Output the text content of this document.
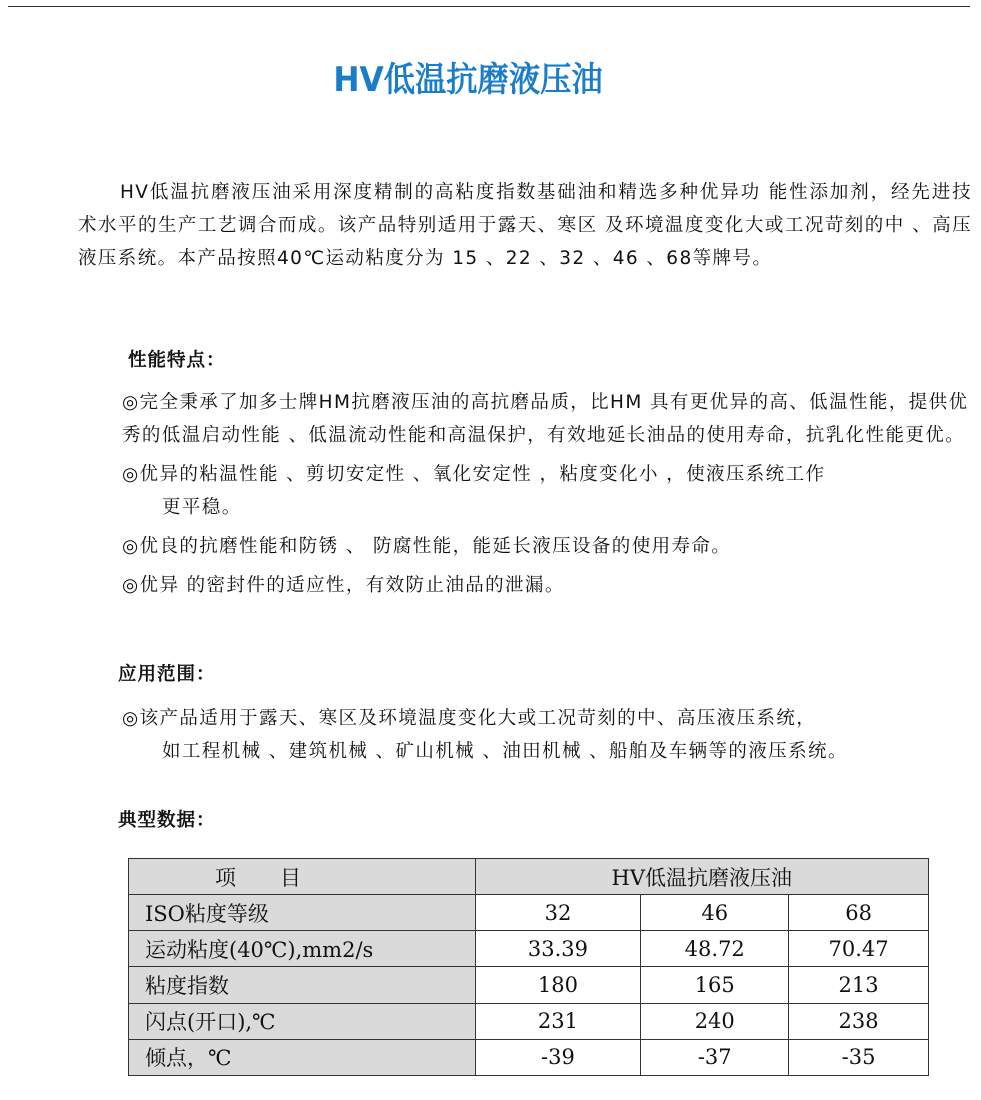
HV低温抗磨液压油

HV低温抗磨液压油采用深度精制的高粘度指数基础油和精选多种优异功 能性添加剂，经先进技术水平的生产工艺调合而成。该产品特别适用于露天、寒区 及环境温度变化大或工况苛刻的中 、高压液压系统。本产品按照40℃运动粘度分为 15 、22 、32 、46 、68等牌号。

性能特点：

◎完全秉承了加多士牌HM抗磨液压油的高抗磨品质，比HM 具有更优异的高、低温性能，提供优秀的低温启动性能 、低温流动性能和高温保护，有效地延长油品的使用寿命，抗乳化性能更优。

◎优异的粘温性能 、剪切安定性 、氧化安定性 ，粘度变化小 ，使液压系统工作

更平稳。

◎优良的抗磨性能和防锈 、 防腐性能，能延长液压设备的使用寿命。

◎优异 的密封件的适应性，有效防止油品的泄漏。

应用范围：

◎该产品适用于露天、寒区及环境温度变化大或工况苛刻的中、高压液压系统，
如工程机械 、建筑机械 、矿山机械 、油田机械 、船舶及车辆等的液压系统。

典型数据：
项 目	HV低温抗磨液压油		
ISO粘度等级	32	46	68
运动粘度(40℃),mm2/s	33.39	48.72	70.47
粘度指数	180	165	213
闪点(开口),℃	231	240	238
倾点，℃	-39	-37	-35
